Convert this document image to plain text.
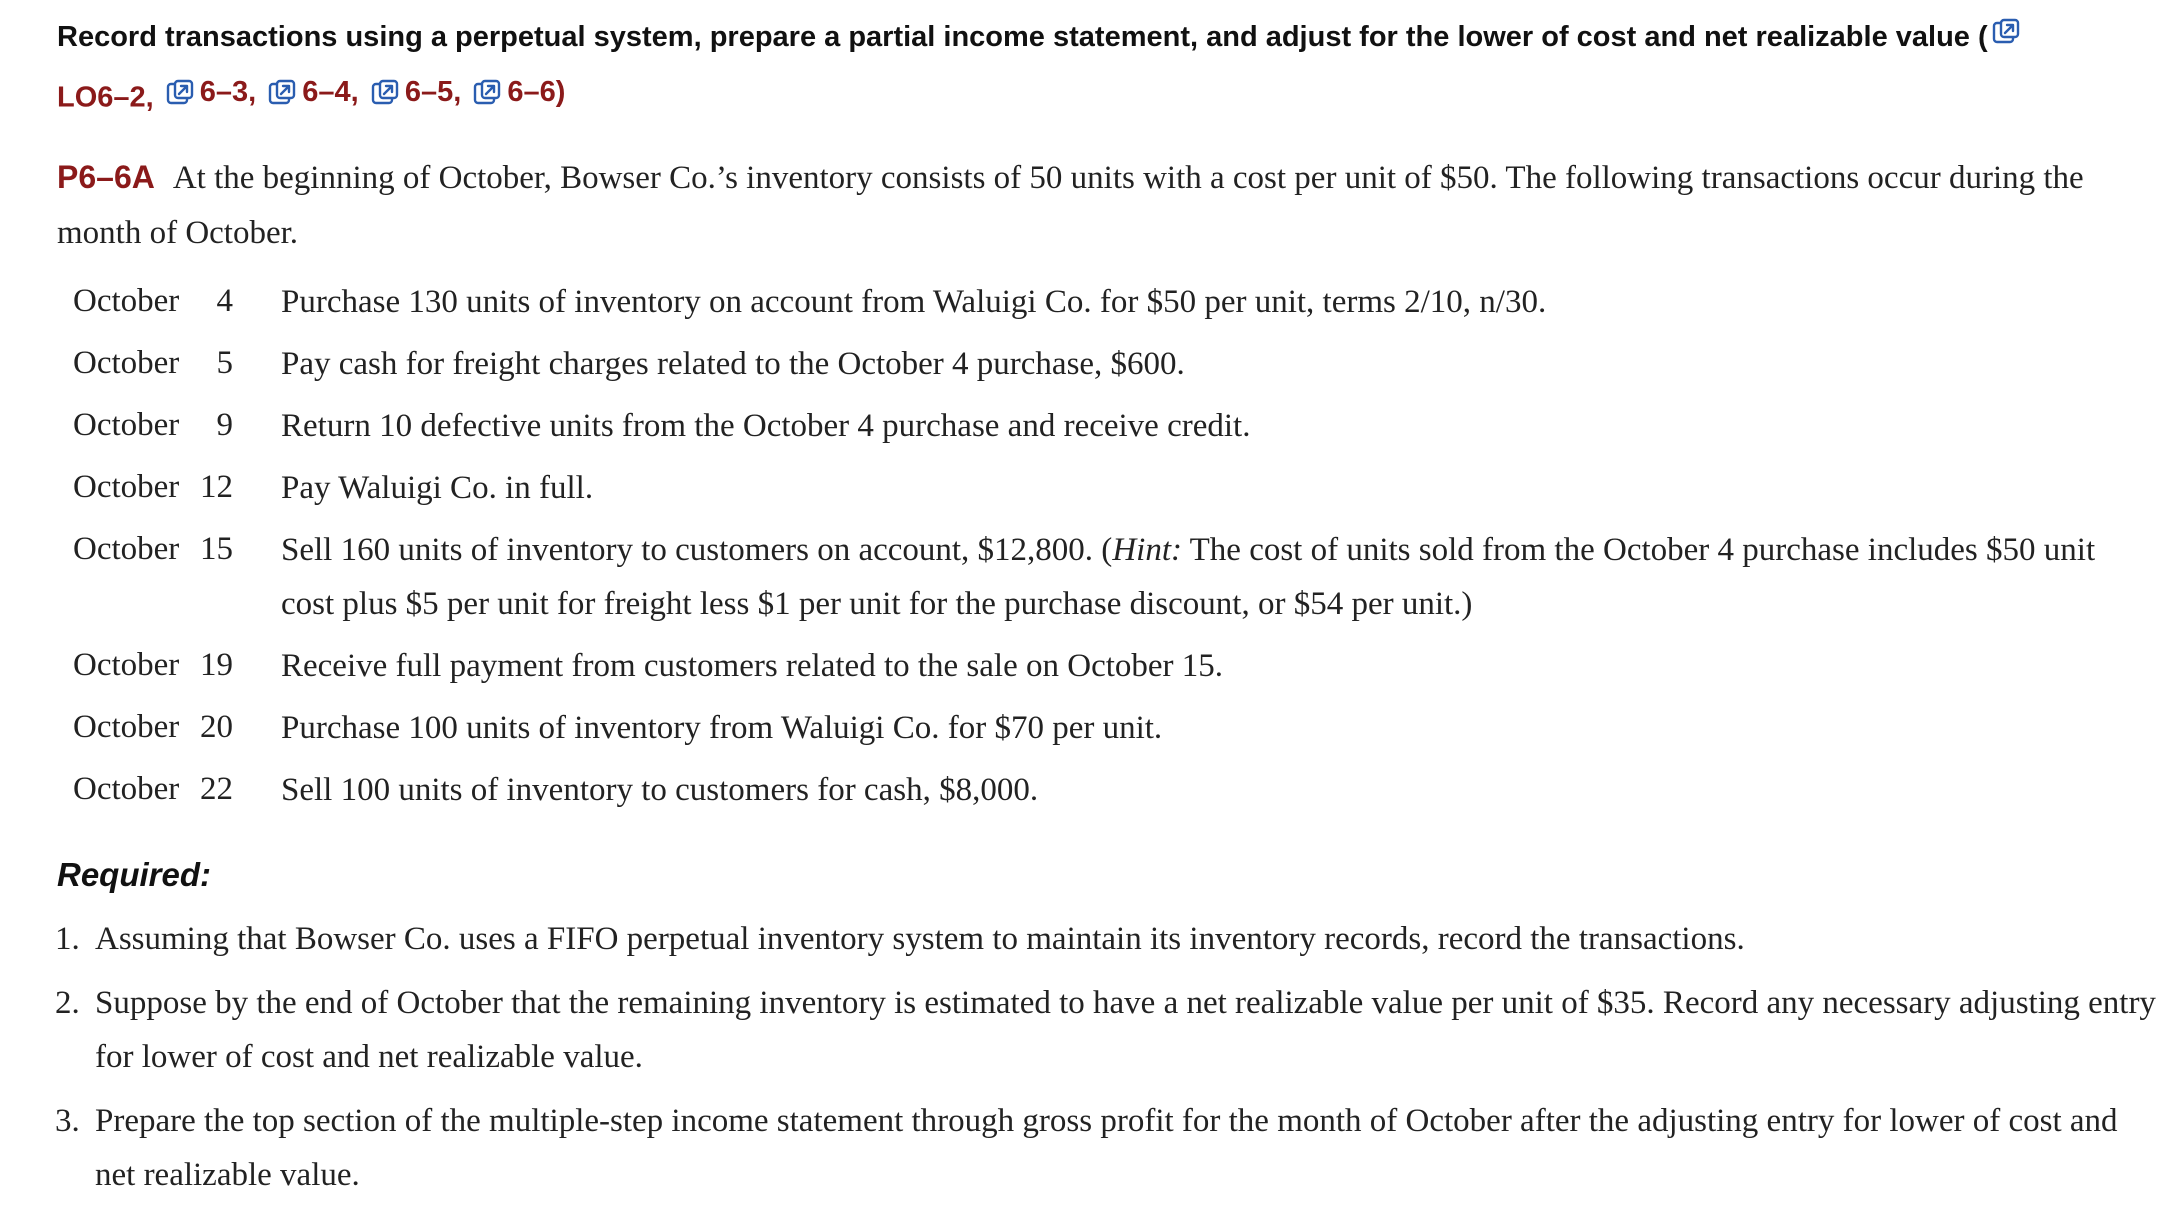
Record transactions using a perpetual system, prepare a partial income statement, and adjust for the lower of cost and net realizable value (

LO6–2, 6–3,
6–4,
6–5,
6–6)
P6–6A At the beginning of October, Bowser Co.’s inventory consists of 50 units with a cost per unit of $50. The following transactions occur during the month of October.
October 4	Purchase 130 units of inventory on account from Waluigi Co. for $50 per unit, terms 2/10, n/30.
October 5	Pay cash for freight charges related to the October 4 purchase, $600.
October 9	Return 10 defective units from the October 4 purchase and receive credit.
October 12	Pay Waluigi Co. in full.
October 15	Sell 160 units of inventory to customers on account, $12,800. (Hint: The cost of units sold from the October 4 purchase includes $50 unit cost plus $5 per unit for freight less $1 per unit for the purchase discount, or $54 per unit.)
October 19	Receive full payment from customers related to the sale on October 15.
October 20	Purchase 100 units of inventory from Waluigi Co. for $70 per unit.
October 22	Sell 100 units of inventory to customers for cash, $8,000.
Required:
1. Assuming that Bowser Co. uses a FIFO perpetual inventory system to maintain its inventory records, record the transactions.
2. Suppose by the end of October that the remaining inventory is estimated to have a net realizable value per unit of $35. Record any necessary adjusting entry for lower of cost and net realizable value.
3. Prepare the top section of the multiple-step income statement through gross profit for the month of October after the adjusting entry for lower of cost and net realizable value.
